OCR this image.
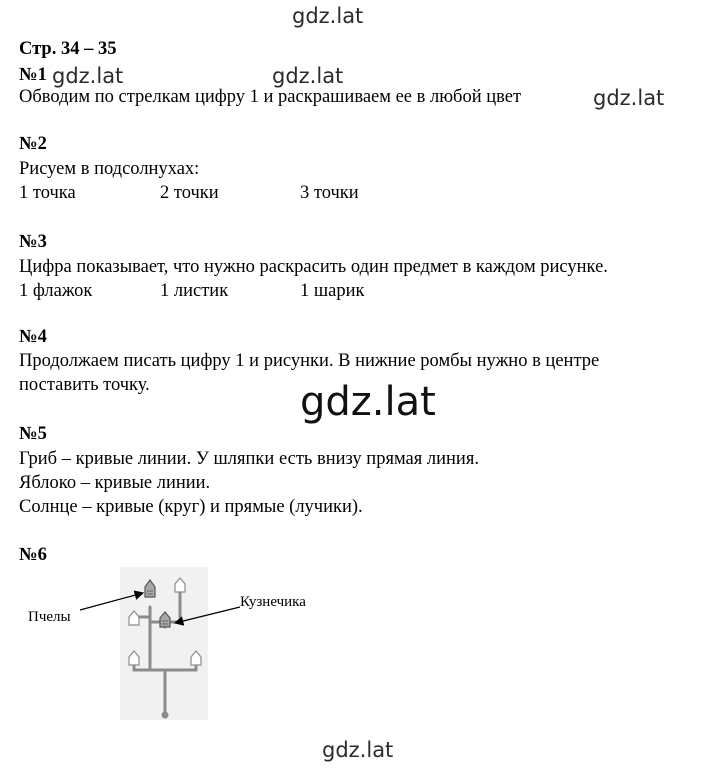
gdz.lat
gdz.lat	gdz.lat
gdz.lat
gdz.lat
gdz.lat
Стр. 34 – 35
№1
Обводим по стрелкам цифру 1 и раскрашиваем ее в любой цвет
№2
Рисуем в подсолнухах:
1 точка	2 точки	3 точки
№3
Цифра показывает, что нужно раскрасить один предмет в каждом рисунке.
1 флажок	1 листик	1 шарик
№4
Продолжаем писать цифру 1 и рисунки. В нижние ромбы нужно в центре
поставить точку.
№5
Гриб – кривые линии. У шляпки есть внизу прямая линия.
Яблоко – кривые линии.
Солнце – кривые (круг) и прямые (лучики).
№6
Пчелы
Кузнечика
